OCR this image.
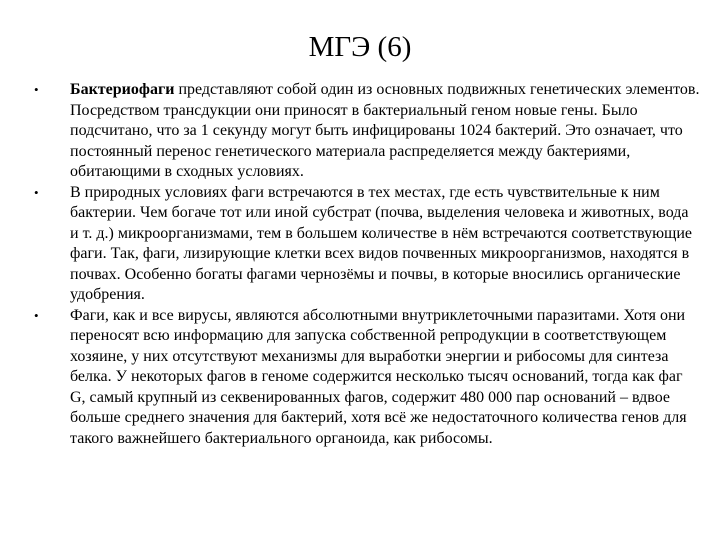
МГЭ (6)
•	Бактериофаги представляют собой один из основных подвижных генетических элементов. Посредством трансдукции они приносят в бактериальный геном новые гены. Было подсчитано, что за 1 секунду могут быть инфицированы 1024 бактерий. Это означает, что постоянный перенос генетического материала распределяется между бактериями, обитающими в сходных условиях.
•	В природных условиях фаги встречаются в тех местах, где есть чувствительные к ним бактерии. Чем богаче тот или иной субстрат (почва, выделения человека и животных, вода и т. д.) микроорганизмами, тем в большем количестве в нём встречаются соответствующие фаги. Так, фаги, лизирующие клетки всех видов почвенных микроорганизмов, находятся в почвах. Особенно богаты фагами чернозёмы и почвы, в которые вносились органические удобрения.
•	Фаги, как и все вирусы, являются абсолютными внутриклеточными паразитами. Хотя они переносят всю информацию для запуска собственной репродукции в соответствующем хозяине, у них отсутствуют механизмы для выработки энергии и рибосомы для синтеза белка. У некоторых фагов в геноме содержится несколько тысяч оснований, тогда как фаг G, самый крупный из секвенированных фагов, содержит 480 000 пар оснований – вдвое больше среднего значения для бактерий, хотя всё же недостаточного количества генов для такого важнейшего бактериального органоида, как рибосомы.
